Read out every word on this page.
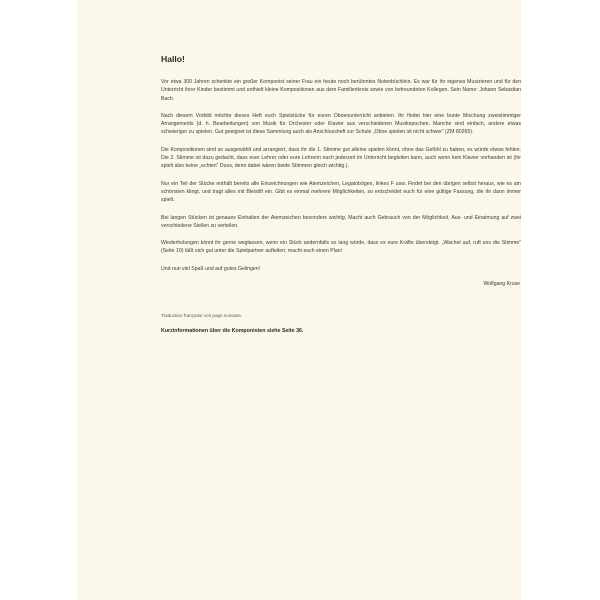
Hallo!

Vor etwa 300 Jahren schenkte ein großer Komponist seiner Frau ein heute noch berühmtes Notenbüchlein. Es war für ihr eigenes Musizieren und für den Unterricht ihrer Kinder bestimmt und enthielt kleine Kompositionen aus dem Familienkreis sowie von befreundeten Kollegen. Sein Name: Johann Sebastian Bach.

Nach diesem Vorbild möchte dieses Heft euch Spielstücke für euren Oboenunterricht anbieten. Ihr findet hier eine bunte Mischung zweistimmiger Arrangements (d. h. Bearbeitungen) von Musik für Orchester oder Klavier aus verschiedenen Musikepochen. Manche sind einfach, andere etwas schwieriger zu spielen. Gut geeignet ist diese Sammlung auch als Anschlussheft zur Schule „Oboe spielen ist nicht schwer“ (ZM 80265).

Die Kompositionen sind so ausgewählt und arrangiert, dass ihr die 1. Stimme gut alleine spielen könnt, ohne das Gefühl zu haben, es würde etwas fehlen. Die 2. Stimme ist dazu gedacht, dass euer Lehrer oder eure Lehrerin euch jederzeit im Unterricht begleiten kann, auch wenn kein Klavier vorhanden ist (ihr spielt also keine „echten“ Duos, denn dabei wären beide Stimmen gleich wichtig.).

Nur ein Teil der Stücke enthält bereits alle Einzeichnungen wie Atemzeichen, Legatobögen, linkes F usw. Findet bei den übrigen selbst heraus, wie es am schönsten klingt, und tragt alles mit Bleistift ein. Gibt es einmal mehrere Möglichkeiten, so entscheidet euch für eine gültige Fassung, die ihr dann immer spielt.

Bei langen Stücken ist genaues Einhalten der Atemzeichen besonders wichtig. Macht auch Gebrauch von der Möglichkeit, Aus- und Einatmung auf zwei verschiedene Stellen zu verteilen.

Wiederholungen könnt ihr gerne weglassen, wenn ein Stück andernfalls so lang würde, dass es eure Kräfte übersteigt. „Wachet auf, ruft uns die Stimme“ (Seite 10) läßt sich gut unter die Spielpartner aufteilen; macht euch einen Plan!

Und nun viel Spaß und auf gutes Gelingen!

Wolfgang Kruse
Traduction française voir page suivante.
Kurzinformationen über die Komponisten siehe Seite 36.
